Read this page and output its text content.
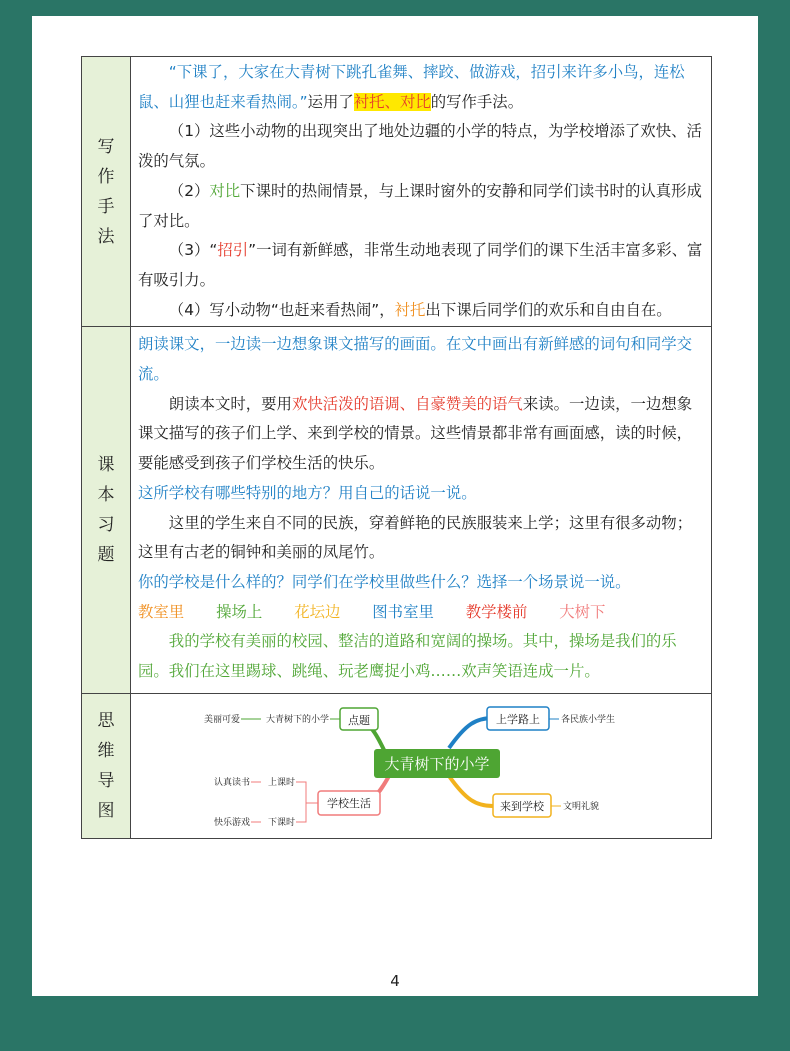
写
作
手
法

“下课了，大家在大青树下跳孔雀舞、摔跤、做游戏，招引来许多小鸟，连松鼠、山狸也赶来看热闹。”运用了衬托、对比的写作手法。

（1）这些小动物的出现突出了地处边疆的小学的特点，为学校增添了欢快、活泼的气氛。

（2）对比下课时的热闹情景，与上课时窗外的安静和同学们读书时的认真形成了对比。

（3）“招引”一词有新鲜感，非常生动地表现了同学们的课下生活丰富多彩、富有吸引力。

（4）写小动物“也赶来看热闹”，衬托出下课后同学们的欢乐和自由自在。

课
本
习
题

朗读课文，一边读一边想象课文描写的画面。在文中画出有新鲜感的词句和同学交流。

朗读本文时，要用欢快活泼的语调、自豪赞美的语气来读。一边读，一边想象课文描写的孩子们上学、来到学校的情景。这些情景都非常有画面感，读的时候，要能感受到孩子们学校生活的快乐。

这所学校有哪些特别的地方？用自己的话说一说。

这里的学生来自不同的民族，穿着鲜艳的民族服装来上学；这里有很多动物；这里有古老的铜钟和美丽的凤尾竹。

你的学校是什么样的？同学们在学校里做些什么？选择一个场景说一说。

教室里 操场上 花坛边 图书室里 教学楼前 大树下

我的学校有美丽的校园、整洁的道路和宽阔的操场。其中，操场是我们的乐园。我们在这里踢球、跳绳、玩老鹰捉小鸡……欢声笑语连成一片。

思
维
导
图
大青树下的小学
点题
大青树下的小学
美丽可爱	上学路上 各民族小学生
学校生活
上课时
认真读书
下课时
快乐游戏
来到学校 文明礼貌
4
